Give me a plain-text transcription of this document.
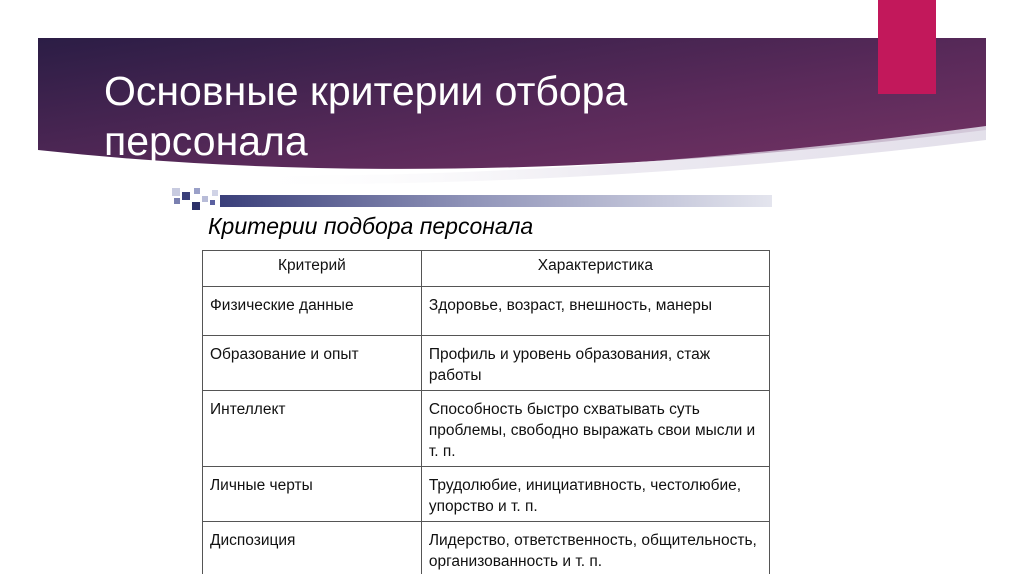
Основные критерии отбора персонала
Критерии подбора персонала
Критерий	Характеристика
Физические данные	Здоровье, возраст, внешность, манеры
Образование и опыт	Профиль и уровень образования, стаж работы
Интеллект	Способность быстро схватывать суть проблемы, свободно выражать свои мысли и т. п.
Личные черты	Трудолюбие, инициативность, честолюбие, упорство и т. п.
Диспозиция	Лидерство, ответственность, общительность, организованность и т. п.
